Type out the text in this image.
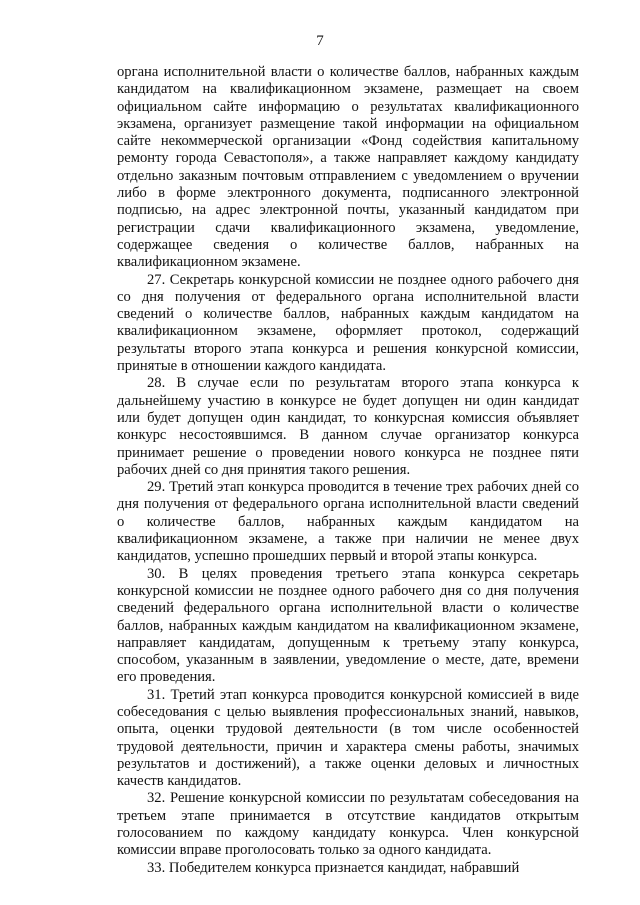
7

органа исполнительной власти о количестве баллов, набранных каждым кандидатом на квалификационном экзамене, размещает на своем официальном сайте информацию о результатах квалификационного экзамена, организует размещение такой информации на официальном сайте некоммерческой организации «Фонд содействия капитальному ремонту города Севастополя», а также направляет каждому кандидату отдельно заказным почтовым отправлением с уведомлением о вручении либо в форме электронного документа, подписанного электронной подписью, на адрес электронной почты, указанный кандидатом при регистрации сдачи квалификационного экзамена, уведомление, содержащее сведения о количестве баллов, набранных на квалификационном экзамене.

27. Секретарь конкурсной комиссии не позднее одного рабочего дня со дня получения от федерального органа исполнительной власти сведений о количестве баллов, набранных каждым кандидатом на квалификационном экзамене, оформляет протокол, содержащий результаты второго этапа конкурса и решения конкурсной комиссии, принятые в отношении каждого кандидата.

28. В случае если по результатам второго этапа конкурса к дальнейшему участию в конкурсе не будет допущен ни один кандидат или будет допущен один кандидат, то конкурсная комиссия объявляет конкурс несостоявшимся. В данном случае организатор конкурса принимает решение о проведении нового конкурса не позднее пяти рабочих дней со дня принятия такого решения.

29. Третий этап конкурса проводится в течение трех рабочих дней со дня получения от федерального органа исполнительной власти сведений о количестве баллов, набранных каждым кандидатом на квалификационном экзамене, а также при наличии не менее двух кандидатов, успешно прошедших первый и второй этапы конкурса.

30. В целях проведения третьего этапа конкурса секретарь конкурсной комиссии не позднее одного рабочего дня со дня получения сведений федерального органа исполнительной власти о количестве баллов, набранных каждым кандидатом на квалификационном экзамене, направляет кандидатам, допущенным к третьему этапу конкурса, способом, указанным в заявлении, уведомление о месте, дате, времени его проведения.

31. Третий этап конкурса проводится конкурсной комиссией в виде собеседования с целью выявления профессиональных знаний, навыков, опыта, оценки трудовой деятельности (в том числе особенностей трудовой деятельности, причин и характера смены работы, значимых результатов и достижений), а также оценки деловых и личностных качеств кандидатов.

32. Решение конкурсной комиссии по результатам собеседования на третьем этапе принимается в отсутствие кандидатов открытым голосованием по каждому кандидату конкурса. Член конкурсной комиссии вправе проголосовать только за одного кандидата.

33. Победителем конкурса признается кандидат, набравший
